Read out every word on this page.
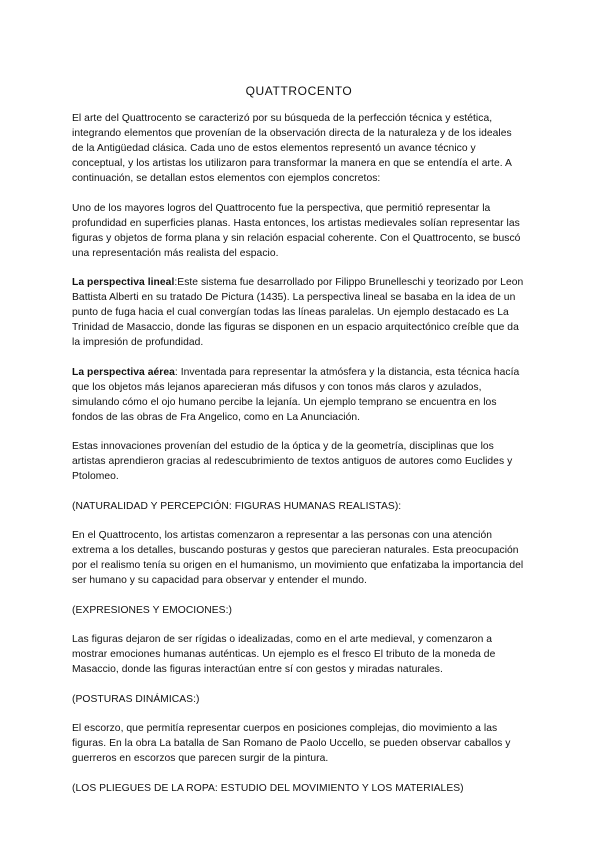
QUATTROCENTO

El arte del Quattrocento se caracterizó por su búsqueda de la perfección técnica y estética, integrando elementos que provenían de la observación directa de la naturaleza y de los ideales de la Antigüedad clásica. Cada uno de estos elementos representó un avance técnico y conceptual, y los artistas los utilizaron para transformar la manera en que se entendía el arte. A continuación, se detallan estos elementos con ejemplos concretos:

Uno de los mayores logros del Quattrocento fue la perspectiva, que permitió representar la profundidad en superficies planas. Hasta entonces, los artistas medievales solían representar las figuras y objetos de forma plana y sin relación espacial coherente. Con el Quattrocento, se buscó una representación más realista del espacio.

La perspectiva lineal:Este sistema fue desarrollado por Filippo Brunelleschi y teorizado por Leon Battista Alberti en su tratado De Pictura (1435). La perspectiva lineal se basaba en la idea de un punto de fuga hacia el cual convergían todas las líneas paralelas. Un ejemplo destacado es La Trinidad de Masaccio, donde las figuras se disponen en un espacio arquitectónico creíble que da la impresión de profundidad.

La perspectiva aérea: Inventada para representar la atmósfera y la distancia, esta técnica hacía que los objetos más lejanos aparecieran más difusos y con tonos más claros y azulados, simulando cómo el ojo humano percibe la lejanía. Un ejemplo temprano se encuentra en los fondos de las obras de Fra Angelico, como en La Anunciación.

Estas innovaciones provenían del estudio de la óptica y de la geometría, disciplinas que los artistas aprendieron gracias al redescubrimiento de textos antiguos de autores como Euclides y Ptolomeo.

(NATURALIDAD Y PERCEPCIÓN: FIGURAS HUMANAS REALISTAS):

En el Quattrocento, los artistas comenzaron a representar a las personas con una atención extrema a los detalles, buscando posturas y gestos que parecieran naturales. Esta preocupación por el realismo tenía su origen en el humanismo, un movimiento que enfatizaba la importancia del ser humano y su capacidad para observar y entender el mundo.

(EXPRESIONES Y EMOCIONES:)

Las figuras dejaron de ser rígidas o idealizadas, como en el arte medieval, y comenzaron a mostrar emociones humanas auténticas. Un ejemplo es el fresco El tributo de la moneda de Masaccio, donde las figuras interactúan entre sí con gestos y miradas naturales.

(POSTURAS DINÁMICAS:)

El escorzo, que permitía representar cuerpos en posiciones complejas, dio movimiento a las figuras. En la obra La batalla de San Romano de Paolo Uccello, se pueden observar caballos y guerreros en escorzos que parecen surgir de la pintura.

(LOS PLIEGUES DE LA ROPA: ESTUDIO DEL MOVIMIENTO Y LOS MATERIALES)
